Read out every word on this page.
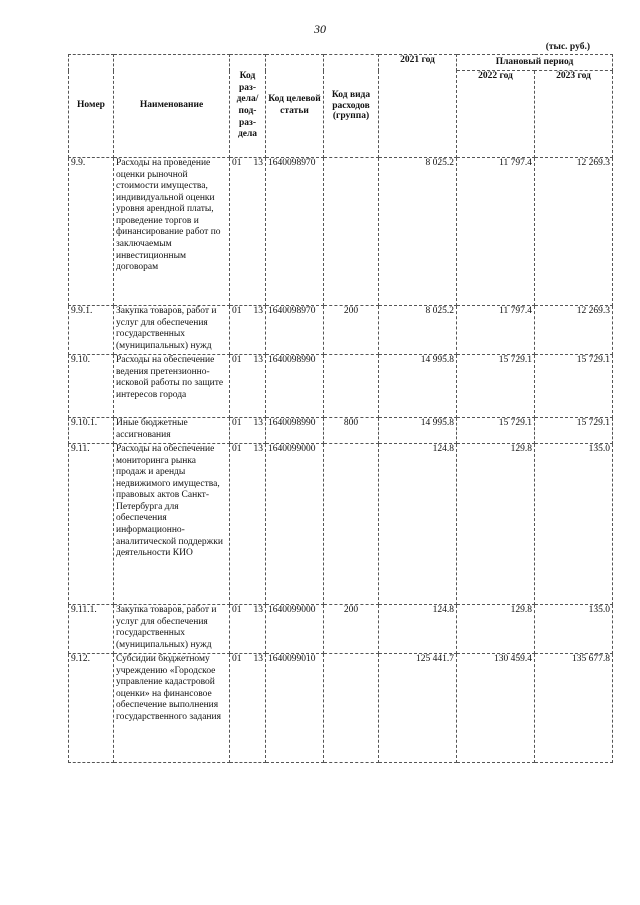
30
(тыс. руб.)
Номер	Наименование	Код раз-дела/ под-раз-дела	Код целевой статьи	Код вида расходов (группа)	2021 год	Плановый период	
						2022 год	2023 год
9.9.	Расходы на проведение оценки рыночной стоимости имущества, индивидуальной оценки уровня арендной платы, проведение торгов и финансирование работ по заключаемым инвестиционным договорам	01 13	1640098970		8 025.2	11 797.4	12 269.3
9.9.1.	Закупка товаров, работ и услуг для обеспечения государственных (муниципальных) нужд	01 13	1640098970	200	8 025.2	11 797.4	12 269.3
9.10.	Расходы на обеспечение ведения претензионно-исковой работы по защите интересов города	01 13	1640098990		14 995.8	15 729.1	15 729.1
9.10.1.	Иные бюджетные ассигнования	01 13	1640098990	800	14 995.8	15 729.1	15 729.1
9.11.	Расходы на обеспечение мониторинга рынка продаж и аренды недвижимого имущества, правовых актов Санкт-Петербурга для обеспечения информационно-аналитической поддержки деятельности КИО	01 13	1640099000		124.8	129.8	135.0
9.11.1.	Закупка товаров, работ и услуг для обеспечения государственных (муниципальных) нужд	01 13	1640099000	200	124.8	129.8	135.0
9.12.	Субсидии бюджетному учреждению «Городское управление кадастровой оценки» на финансовое обеспечение выполнения государственного задания	01 13	1640099010		125 441.7	130 459.4	135 677.8
